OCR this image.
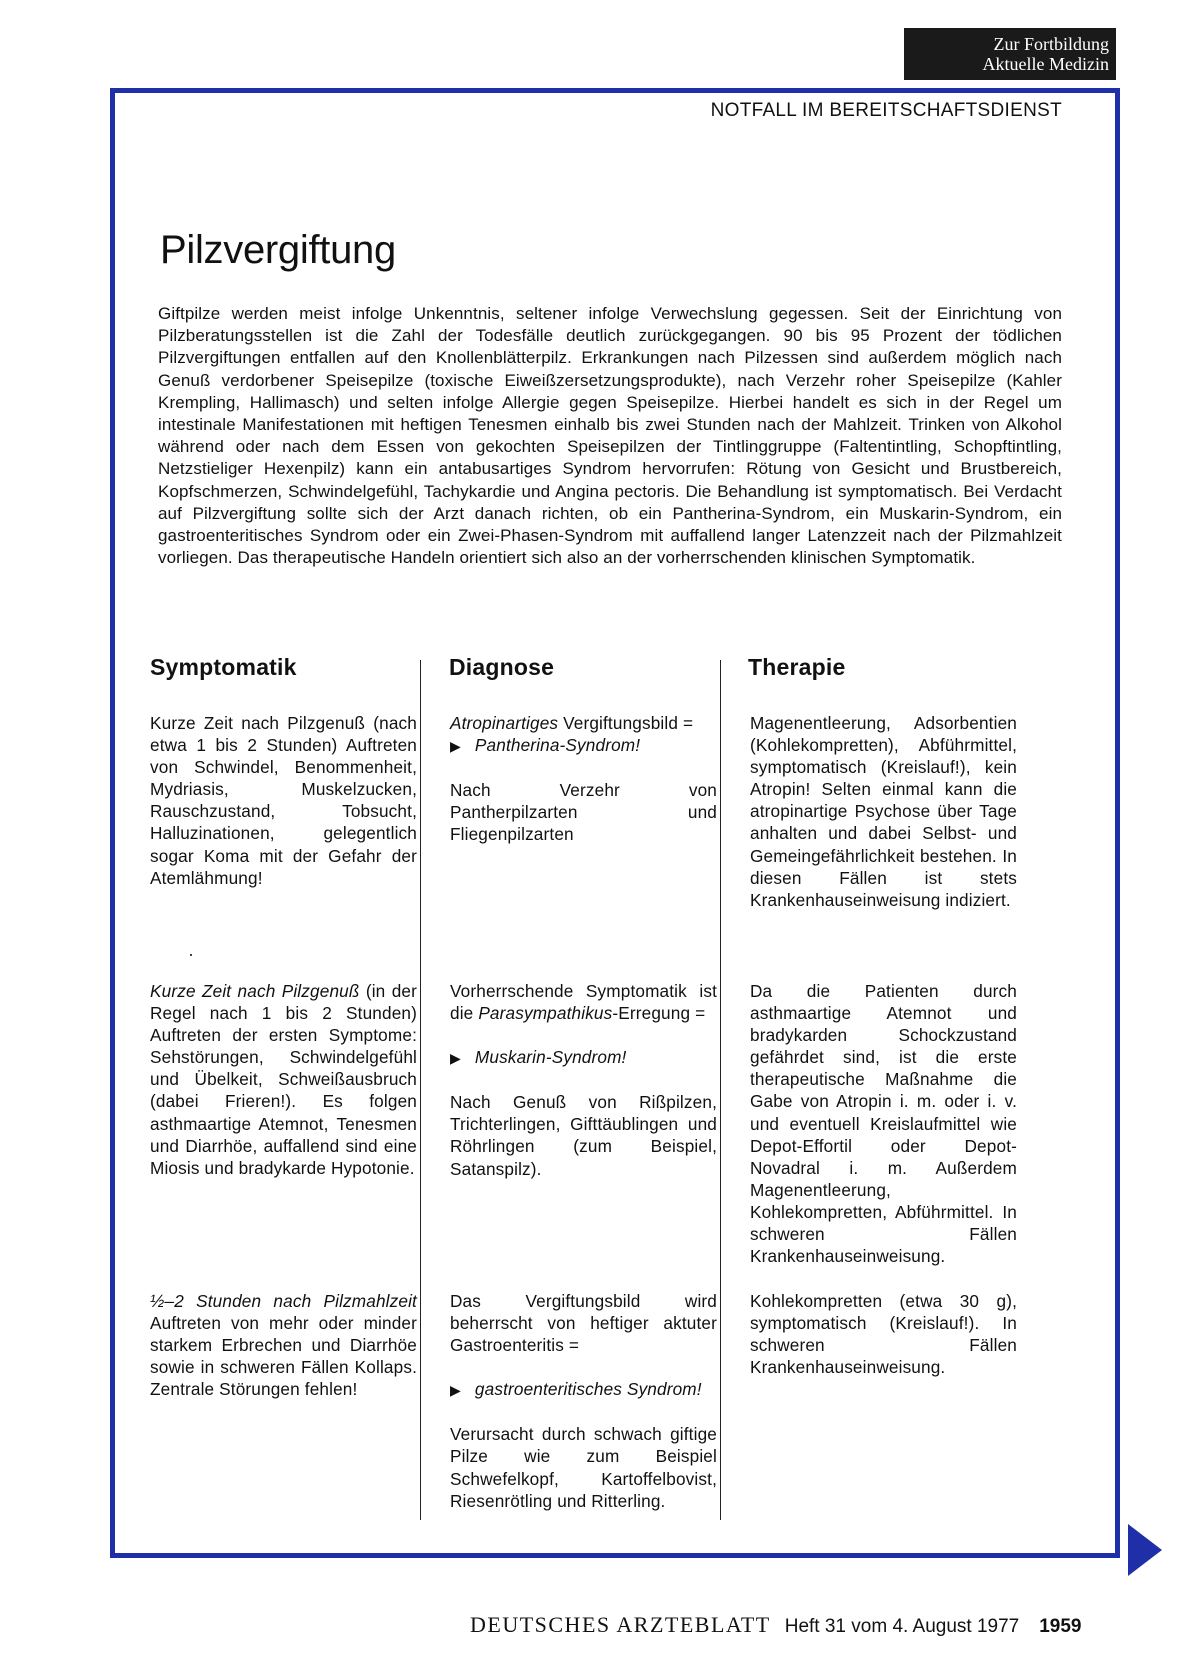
Zur Fortbildung
Aktuelle Medizin
NOTFALL IM BEREITSCHAFTSDIENST
Pilzvergiftung
Giftpilze werden meist infolge Unkenntnis, seltener infolge Verwechslung gegessen. Seit der Einrichtung von Pilzberatungsstellen ist die Zahl der Todesfälle deutlich zurückgegangen. 90 bis 95 Prozent der tödlichen Pilzvergiftungen entfallen auf den Knollenblätterpilz. Erkrankungen nach Pilzessen sind außerdem möglich nach Genuß verdorbener Speisepilze (toxische Eiweißzersetzungsprodukte), nach Verzehr roher Speisepilze (Kahler Krempling, Hallimasch) und selten infolge Allergie gegen Speisepilze. Hierbei handelt es sich in der Regel um intestinale Manifestationen mit heftigen Tenesmen einhalb bis zwei Stunden nach der Mahlzeit. Trinken von Alkohol während oder nach dem Essen von gekochten Speisepilzen der Tintlinggruppe (Faltentintling, Schopftintling, Netzstieliger Hexenpilz) kann ein antabusartiges Syndrom hervorrufen: Rötung von Gesicht und Brustbereich, Kopfschmerzen, Schwindelgefühl, Tachykardie und Angina pectoris. Die Behandlung ist symptomatisch. Bei Verdacht auf Pilzvergiftung sollte sich der Arzt danach richten, ob ein Pantherina-Syndrom, ein Muskarin-Syndrom, ein gastroenteritisches Syndrom oder ein Zwei-Phasen-Syndrom mit auffallend langer Latenzzeit nach der Pilzmahlzeit vorliegen. Das therapeutische Handeln orientiert sich also an der vorherrschenden klinischen Symptomatik.
Symptomatik	Diagnose	Therapie

Kurze Zeit nach Pilzgenuß (nach etwa 1 bis 2 Stunden) Auftreten von Schwindel, Benommenheit, Mydriasis, Muskelzucken, Rauschzustand, Tobsucht, Halluzinationen, gelegentlich sogar Koma mit der Gefahr der Atemlähmung!

Atropinartiges Vergiftungsbild =
▶ Pantherina-Syndrom!

Nach Verzehr von Pantherpilzarten und Fliegenpilzarten

Magenentleerung, Adsorbentien (Kohlekompretten), Abführmittel, symptomatisch (Kreislauf!), kein Atropin! Selten einmal kann die atropinartige Psychose über Tage anhalten und dabei Selbst- und Gemeingefährlichkeit bestehen. In diesen Fällen ist stets Krankenhauseinweisung indiziert.

Kurze Zeit nach Pilzgenuß (in der Regel nach 1 bis 2 Stunden) Auftreten der ersten Symptome: Sehstörungen, Schwindelgefühl und Übelkeit, Schweißausbruch (dabei Frieren!). Es folgen asthmaartige Atemnot, Tenesmen und Diarrhöe, auffallend sind eine Miosis und bradykarde Hypotonie.

Vorherrschende Symptomatik ist die Parasympathikus-Erregung =

▶ Muskarin-Syndrom!

Nach Genuß von Rißpilzen, Trichterlingen, Gifttäublingen und Röhrlingen (zum Beispiel, Satanspilz).

Da die Patienten durch asthmaartige Atemnot und bradykarden Schockzustand gefährdet sind, ist die erste therapeutische Maßnahme die Gabe von Atropin i. m. oder i. v. und eventuell Kreislaufmittel wie Depot-Effortil oder Depot-Novadral i. m. Außerdem Magenentleerung, Kohlekompretten, Abführmittel. In schweren Fällen Krankenhauseinweisung.

½–2 Stunden nach Pilzmahlzeit Auftreten von mehr oder minder starkem Erbrechen und Diarrhöe sowie in schweren Fällen Kollaps. Zentrale Störungen fehlen!

Das Vergiftungsbild wird beherrscht von heftiger aktuter Gastroenteritis =

▶ gastroenteritisches Syndrom!

Verursacht durch schwach giftige Pilze wie zum Beispiel Schwefelkopf, Kartoffelbovist, Riesenrötling und Ritterling.

Kohlekompretten (etwa 30 g), symptomatisch (Kreislauf!). In schweren Fällen Krankenhauseinweisung.

DEUTSCHES ARZTEBLATT Heft 31 vom 4. August 1977 1959
